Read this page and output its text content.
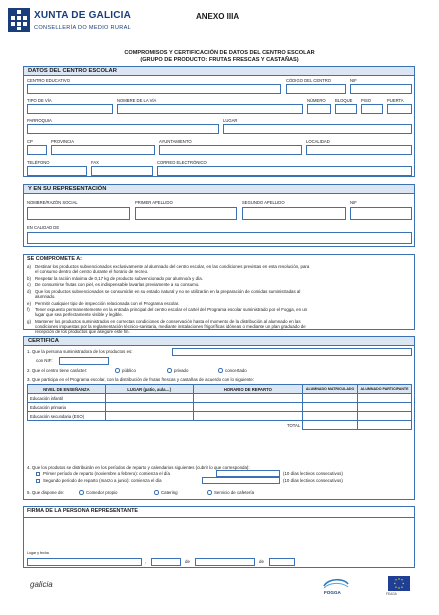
XUNTA DE GALICIA
CONSELLERÍA DO MEDIO RURAL
ANEXO IIIA
COMPROMISOS Y CERTIFICACIÓN DE DATOS DEL CENTRO ESCOLAR
(GRUPO DE PRODUCTO: FRUTAS FRESCAS Y CASTAÑAS)
DATOS DEL CENTRO ESCOLAR
CENTRO EDUCATIVO	CÓDIGO DEL CENTRO	NIF
TIPO DE VÍA	NOMBRE DE LA VÍA	NÚMERO BLOQUE PISO	PUERTA
PARROQUIA	LUGAR
CP	PROVINCIA	AYUNTAMIENTO	LOCALIDAD
TELÉFONO	FAX	CORREO ELECTRÓNICO
Y EN SU REPRESENTACIÓN
NOMBRE/RAZÓN SOCIAL	PRIMER APELLIDO	SEGUNDO APELLIDO	NIF
EN CALIDAD DE
SE COMPROMETE A:
a) Destinar los productos subvencionados exclusivamente al alumnado del centro escolar, en las condiciones previstas en esta resolución, para
el consumo dentro del centro durante el horario de recreo.
b) Respetar la ración máxima de 0,17 kg de producto subvencionado por alumno/a y día.
c) De consumirse frutas con piel, es indispensable lavarlas previamente a su consumo.
d) Que los productos subvencionados se consumirán en su estado natural y no se utilizarán en la preparación de comidas suministradas al
alumnado.
e) Permitir cualquier tipo de inspección relacionada con el Programa escolar.
f)	Tener expuesto permanentemente en la entrada principal del centro escolar el cartel del Programa escolar suministrado por el Fogga, en un
lugar que sea perfectamente visible y legible.
g) Mantener los productos suministrados en correctas condiciones de conservación hasta el momento de la distribución al alumnado en las
condiciones impuestas por la reglamentación técnico-sanitaria, mediante instalaciones frigoríficas idóneas o mediante un plan graduado de
recepción de los productos que asegure este fin.
CERTIFICA
1. Que la persona suministradora de los productos es:
con NIF:
2. Que el centro tiene carácter:	público	privado	concertado
3. Que participa en el Programa escolar, con la distribución de frutas frescas y castañas de acuerdo con lo siguiente:
NIVEL DE ENSEÑANZA	LUGAR (patio, aula…)	HORARIO DE REPARTO	ALUMNADO MATRICULADO	ALUMNADO PARTICIPANTE
Educación infantil				
Educación primaria				
Educación secundaria (ESO)				
TOTAL				
4. Que los produtos se distribuirán en los períodos de reparto y calendarios siguientes (cubrir lo que corresponda):
Primer período de reparto (noviembre a febrero): comienza el día	(10 días lectivos consecutivos)
Segundo período de reparto (marzo a junio): comienza el día	(10 días lectivos consecutivos)
5. Que dispone de:	Comedor propio	Catering	Servicio de cafetería
FIRMA DE LA PERSONA REPRESENTANTE
Lugar y fecha
,	de	de
galicia
FOGGA	FEAGA
